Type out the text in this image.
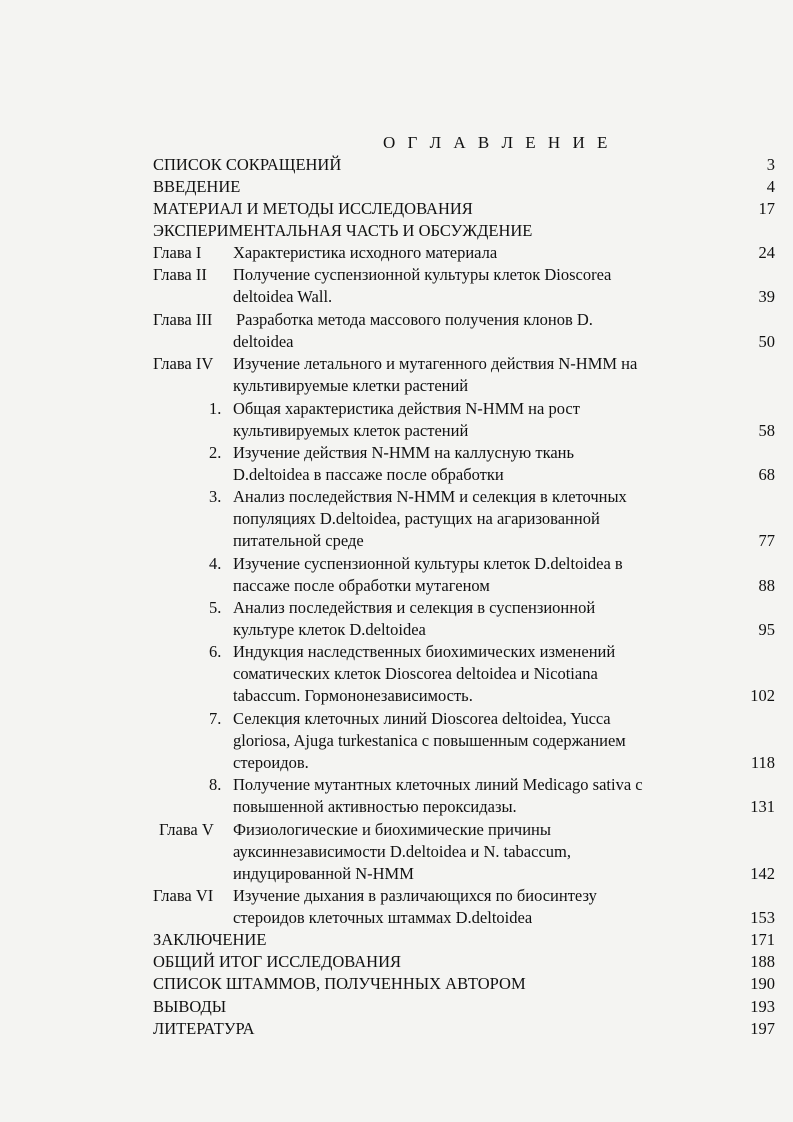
О Г Л А В Л Е Н И Е
СПИСОК СОКРАЩЕНИЙ	3
ВВЕДЕНИЕ	4
МАТЕРИАЛ И МЕТОДЫ ИССЛЕДОВАНИЯ	17
ЭКСПЕРИМЕНТАЛЬНАЯ ЧАСТЬ И ОБСУЖДЕНИЕ
Глава I Характеристика исходного материала	24
Глава II Получение суспензионной культуры клеток Dioscorea
deltoidea Wall.	39
Глава III Разработка метода массового получения клонов D.
deltoidea	50
Глава IV Изучение летального и мутагенного действия N-НММ на
культивируемые клетки растений
1. Общая характеристика действия N-НММ на рост
культивируемых клеток растений	58
2. Изучение действия N-НММ на каллусную ткань
D.deltoidea в пассаже после обработки	68
3. Анализ последействия N-НММ и селекция в клеточных
популяциях D.deltoidea, растущих на агаризованной
питательной среде	77
4. Изучение суспензионной культуры клеток D.deltoidea в
пассаже после обработки мутагеном	88
5. Анализ последействия и селекция в суспензионной
культуре клеток D.deltoidea	95
6. Индукция наследственных биохимических изменений
соматических клеток Dioscorea deltoidea и Nicotiana
tabaccum. Гормононезависимость.	102
7. Селекция клеточных линий Dioscorea deltoidea, Yucca
gloriosa, Ajuga turkestanica с повышенным содержанием
стероидов.	118
8. Получение мутантных клеточных линий Medicago sativa с
повышенной активностью пероксидазы.	131
Глава V Физиологические и биохимические причины
ауксиннезависимости D.deltoidea и N. tabaccum,
индуцированной N-НММ	142
Глава VI Изучение дыхания в различающихся по биосинтезу
стероидов клеточных штаммах D.deltoidea	153
ЗАКЛЮЧЕНИЕ	171
ОБЩИЙ ИТОГ ИССЛЕДОВАНИЯ	188
СПИСОК ШТАММОВ, ПОЛУЧЕННЫХ АВТОРОМ	190
ВЫВОДЫ	193
ЛИТЕРАТУРА	197
